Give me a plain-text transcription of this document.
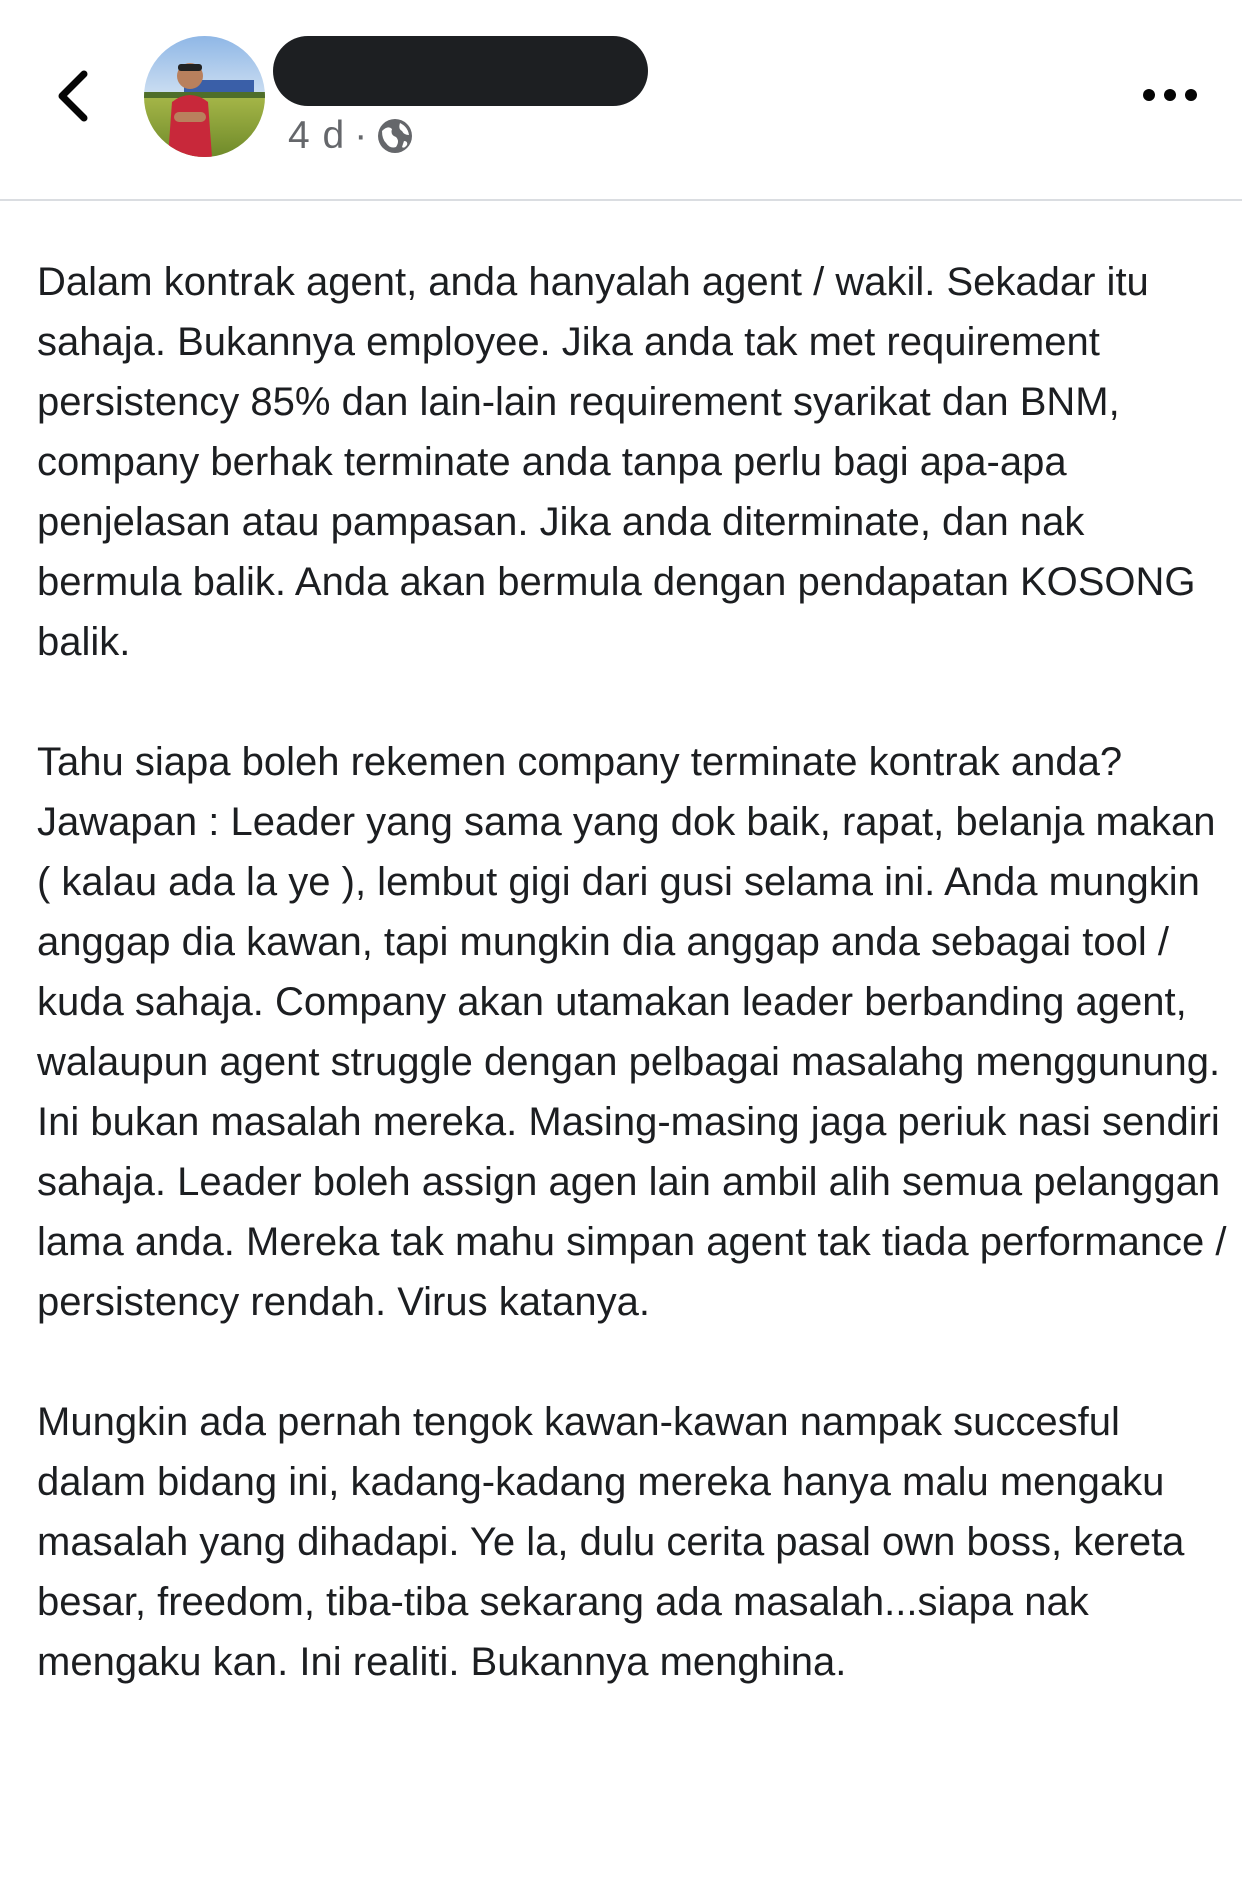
4 d ·

Dalam kontrak agent, anda hanyalah agent / wakil. Sekadar itu sahaja. Bukannya employee. Jika anda tak met requirement persistency 85% dan lain-lain requirement syarikat dan BNM, company berhak terminate anda tanpa perlu bagi apa-apa penjelasan atau pampasan. Jika anda diterminate, dan nak bermula balik. Anda akan bermula dengan pendapatan KOSONG balik.

Tahu siapa boleh rekemen company terminate kontrak anda? Jawapan : Leader yang sama yang dok baik, rapat, belanja makan ( kalau ada la ye ), lembut gigi dari gusi selama ini. Anda mungkin anggap dia kawan, tapi mungkin dia anggap anda sebagai tool / kuda sahaja. Company akan utamakan leader berbanding agent, walaupun agent struggle dengan pelbagai masalahg menggunung. Ini bukan masalah mereka. Masing-masing jaga periuk nasi sendiri sahaja. Leader boleh assign agen lain ambil alih semua pelanggan lama anda. Mereka tak mahu simpan agent tak tiada performance / persistency rendah. Virus katanya.

Mungkin ada pernah tengok kawan-kawan nampak succesful dalam bidang ini, kadang-kadang mereka hanya malu mengaku masalah yang dihadapi. Ye la, dulu cerita pasal own boss, kereta besar, freedom, tiba-tiba sekarang ada masalah...siapa nak mengaku kan. Ini realiti. Bukannya menghina.
